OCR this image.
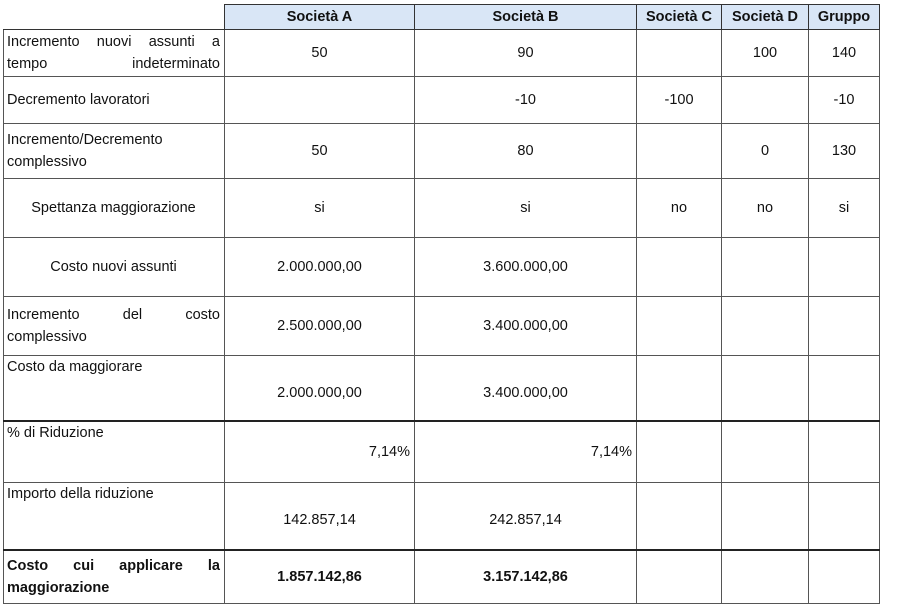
	Società A	Società B	Società C	Società D	Gruppo
Incremento nuovi assunti a tempo indeterminato	50	90		100	140
Decremento lavoratori		-10	-100		-10
Incremento/Decremento complessivo	50	80		0	130
Spettanza maggiorazione	si	si	no	no	si
Costo nuovi assunti	2.000.000,00	3.600.000,00			
Incremento del costo complessivo	2.500.000,00	3.400.000,00			
Costo da maggiorare	2.000.000,00	3.400.000,00			
% di Riduzione	7,14%	7,14%			
Importo della riduzione	142.857,14	242.857,14			
Costo cui applicare la maggiorazione	1.857.142,86	3.157.142,86			
